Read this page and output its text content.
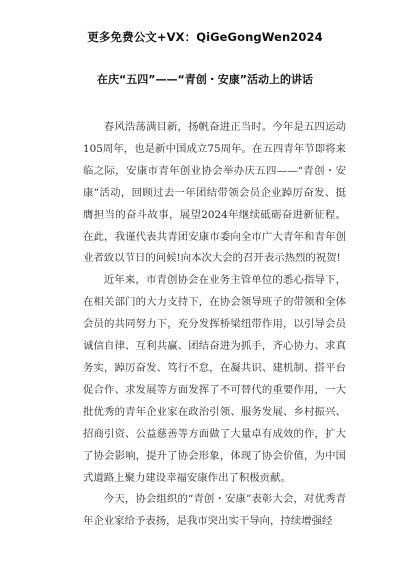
更多免费公文+VX：QiGeGongWen2024
在庆“五四”——“青创・安康”活动上的讲话

春风浩荡满目新，扬帆奋进正当时。今年是五四运动105周年，也是新中国成立75周年。在五四青年节即将来临之际，安康市青年创业协会举办庆五四——“青创・安康”活动，回顾过去一年团结带领会员企业踔厉奋发、挺膺担当的奋斗故事，展望2024年继续砥砺奋进新征程。在此，我谨代表共青团安康市委向全市广大青年和青年创业者致以节日的问候!向本次大会的召开表示热烈的祝贺!

近年来，市青创协会在业务主管单位的悉心指导下，在相关部门的大力支持下，在协会领导班子的带领和全体会员的共同努力下，充分发挥桥梁纽带作用，以引导会员诚信自律、互利共赢、团结奋进为抓手，齐心协力、求真务实，踔厉奋发、笃行不怠，在凝共识、建机制、搭平台促合作、求发展等方面发挥了不可替代的重要作用，一大批优秀的青年企业家在政治引领、服务发展、乡村振兴、招商引资、公益慈善等方面做了大量卓有成效的作，扩大了协会影响，提升了协会形象，体现了协会价值，为中国式道路上聚力建设幸福安康作出了积极贡献。

今天，协会组织的“青创・安康”表彰大会，对优秀青年企业家给予表扬，是我市突出实干导向，持续增强经
